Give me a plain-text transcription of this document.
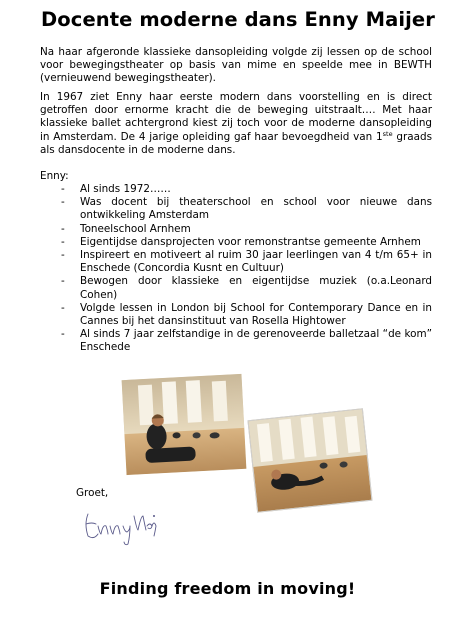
Docente moderne dans Enny Maijer
Na haar afgeronde klassieke dansopleiding volgde zij lessen op de school voor bewegingstheater op basis van mime en speelde mee in BEWTH (vernieuwend bewegingstheater).
In 1967 ziet Enny haar eerste modern dans voorstelling en is direct getroffen door ernorme kracht die de beweging uitstraalt…. Met haar klassieke ballet achtergrond kiest zij toch voor de moderne dansopleiding in Amsterdam. De 4 jarige opleiding gaf haar bevoegdheid van 1ste graads als dansdocente in de moderne dans.
Enny:
-	Al sinds 1972……
-	Was docent bij theaterschool en school voor nieuwe dans ontwikkeling Amsterdam
-	Toneelschool Arnhem
-	Eigentijdse dansprojecten voor remonstrantse gemeente Arnhem
-	Inspireert en motiveert al ruim 30 jaar leerlingen van 4 t/m 65+ in Enschede (Concordia Kusnt en Cultuur)
-	Bewogen door klassieke en eigentijdse muziek (o.a.Leonard Cohen)
-	Volgde lessen in London bij School for Contemporary Dance en in Cannes bij het dansinstituut van Rosella Hightower
-	Al sinds 7 jaar zelfstandige in de gerenoveerde balletzaal “de kom” Enschede
Groet,
Finding freedom in moving!
